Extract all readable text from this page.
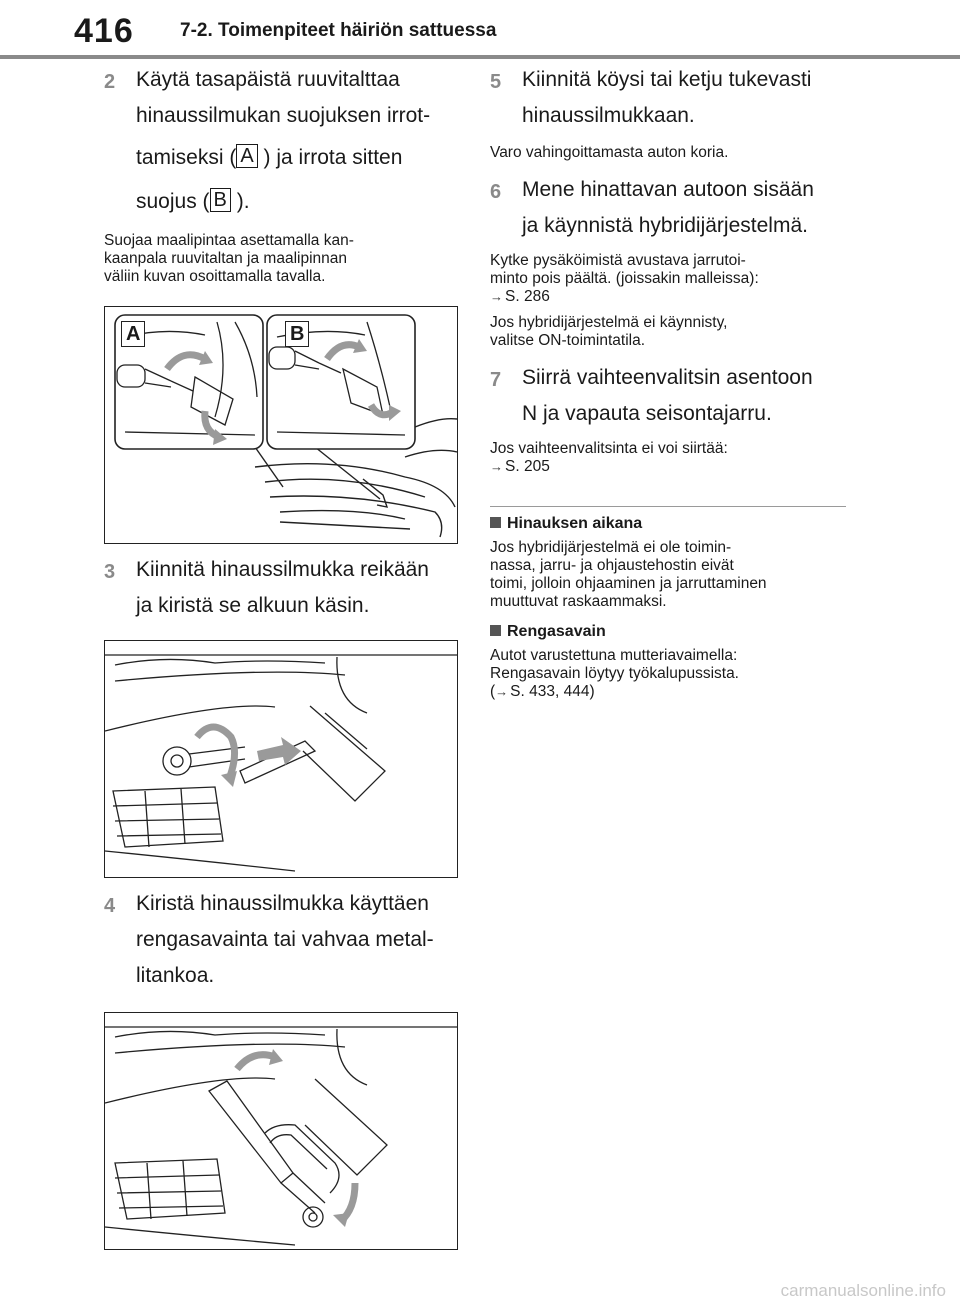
416 7-2. Toimenpiteet häiriön sattuessa
2 Käytä tasapäistä ruuvitalttaa
hinaussilmukan suojuksen irrot-
tamiseksi ( A ) ja irrota sitten
suojus ( B ).
Suojaa maalipintaa asettamalla kan-
kaanpala ruuvitaltan ja maalipinnan
väliin kuvan osoittamalla tavalla.
A	B
3 Kiinnitä hinaussilmukka reikään
ja kiristä se alkuun käsin.
4 Kiristä hinaussilmukka käyttäen
rengasavainta tai vahvaa metal-
litankoa.
5 Kiinnitä köysi tai ketju tukevasti
hinaussilmukkaan.

Varo vahingoittamasta auton koria.

6 Mene hinattavan autoon sisään
ja käynnistä hybridijärjestelmä.
Kytke pysäköimistä avustava jarrutoi-
minto pois päältä. (joissakin malleissa):
→ S. 286
Jos hybridijärjestelmä ei käynnisty,
valitse ON-toimintatila.
7 Siirrä vaihteenvalitsin asentoon
N ja vapauta seisontajarru.
Jos vaihteenvalitsinta ei voi siirtää:
→ S. 205

Hinauksen aikana

Jos hybridijärjestelmä ei ole toimin-
nassa, jarru- ja ohjaustehostin eivät
toimi, jolloin ohjaaminen ja jarruttaminen
muuttuvat raskaammaksi.

Rengasavain

Autot varustettuna mutteriavaimella:
Rengasavain löytyy työkalupussista.
(→ S. 433, 444)
carmanualsonline.info
